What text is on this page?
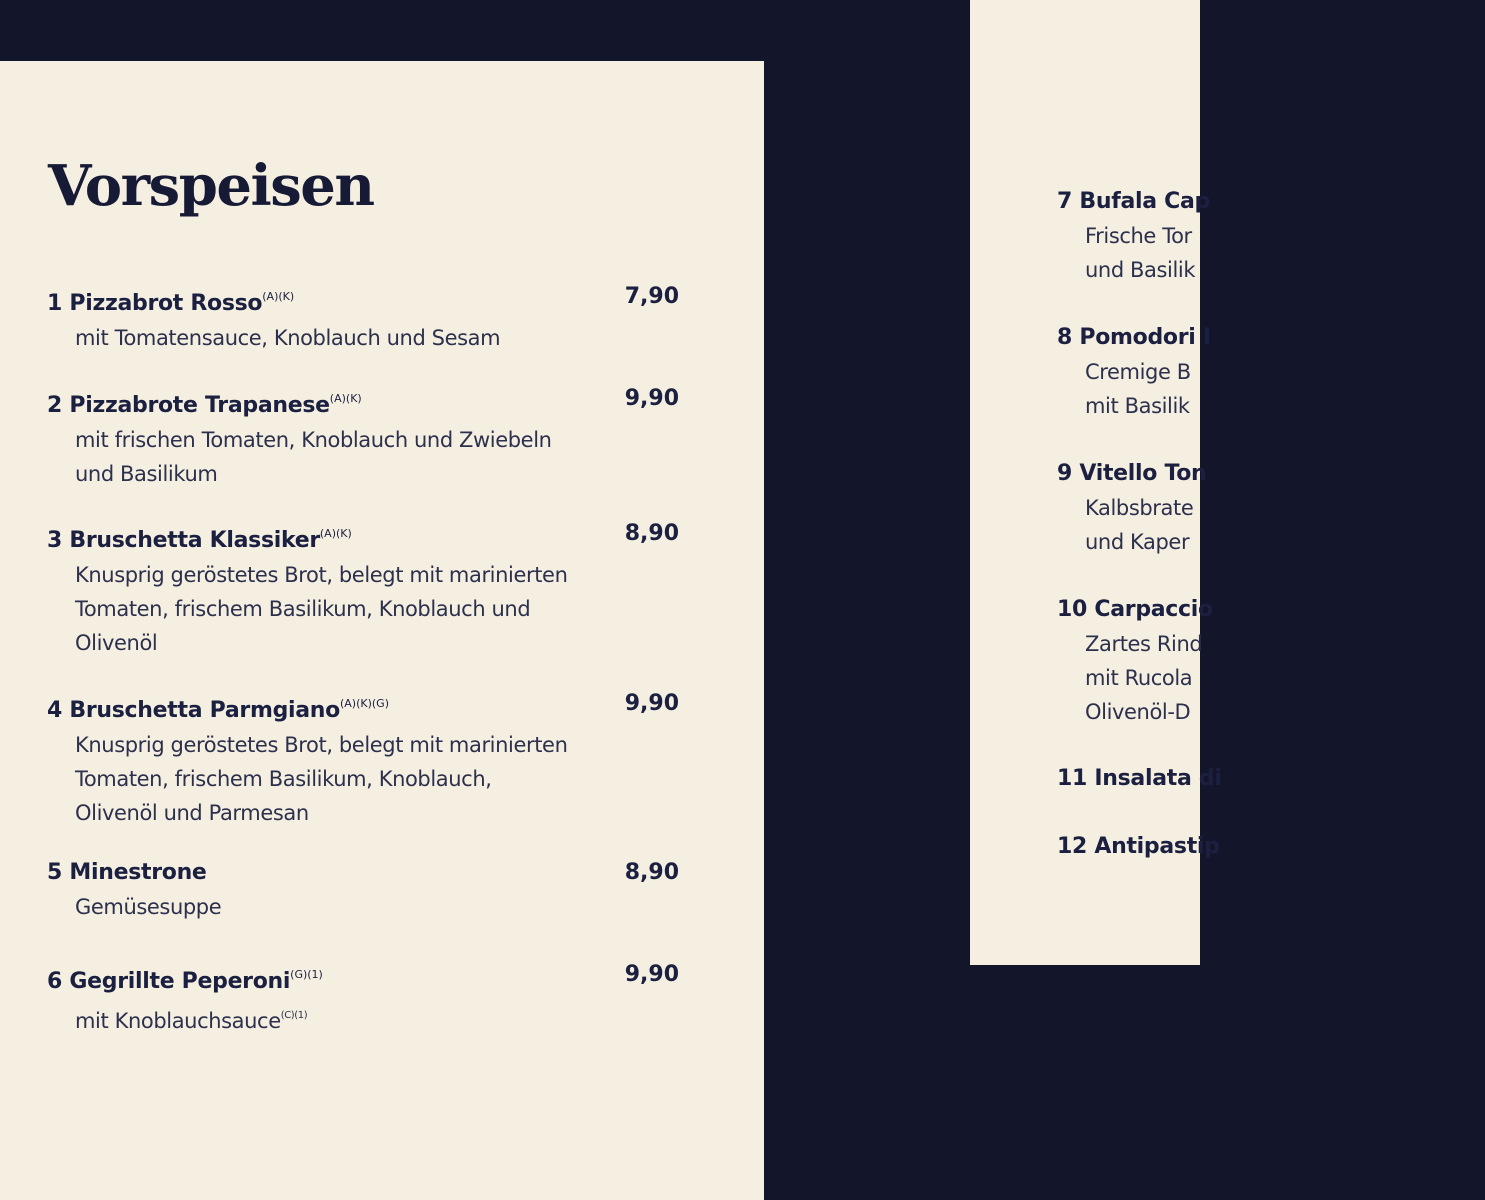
7 Bufala Cap
Frische Tor
und Basilik
8 Pomodori I
Cremige B
mit Basilik
9 Vitello Ton
Kalbsbrate
und Kaper
10 Carpaccio
Zartes Rind
mit Rucola
Olivenöl-D
11 Insalata di
12 Antipastip
Vorspeisen
1 Pizzabrot Rosso$^{(A)(K)}$	7,90
mit Tomatensauce, Knoblauch und Sesam
2 Pizzabrote Trapanese$^{(A)(K)}$	9,90
mit frischen Tomaten, Knoblauch und Zwiebeln
und Basilikum
3 Bruschetta Klassiker$^{(A)(K)}$	8,90
Knusprig geröstetes Brot, belegt mit marinierten
Tomaten, frischem Basilikum, Knoblauch und
Olivenöl
4 Bruschetta Parmgiano$^{(A)(K)(G)}$	9,90
Knusprig geröstetes Brot, belegt mit marinierten
Tomaten, frischem Basilikum, Knoblauch,
Olivenöl und Parmesan
5 Minestrone	8,90
Gemüsesuppe
6 Gegrillte Peperoni$^{(G)(1)}$	9,90
mit Knoblauchsauce$^{(C)(1)}$
